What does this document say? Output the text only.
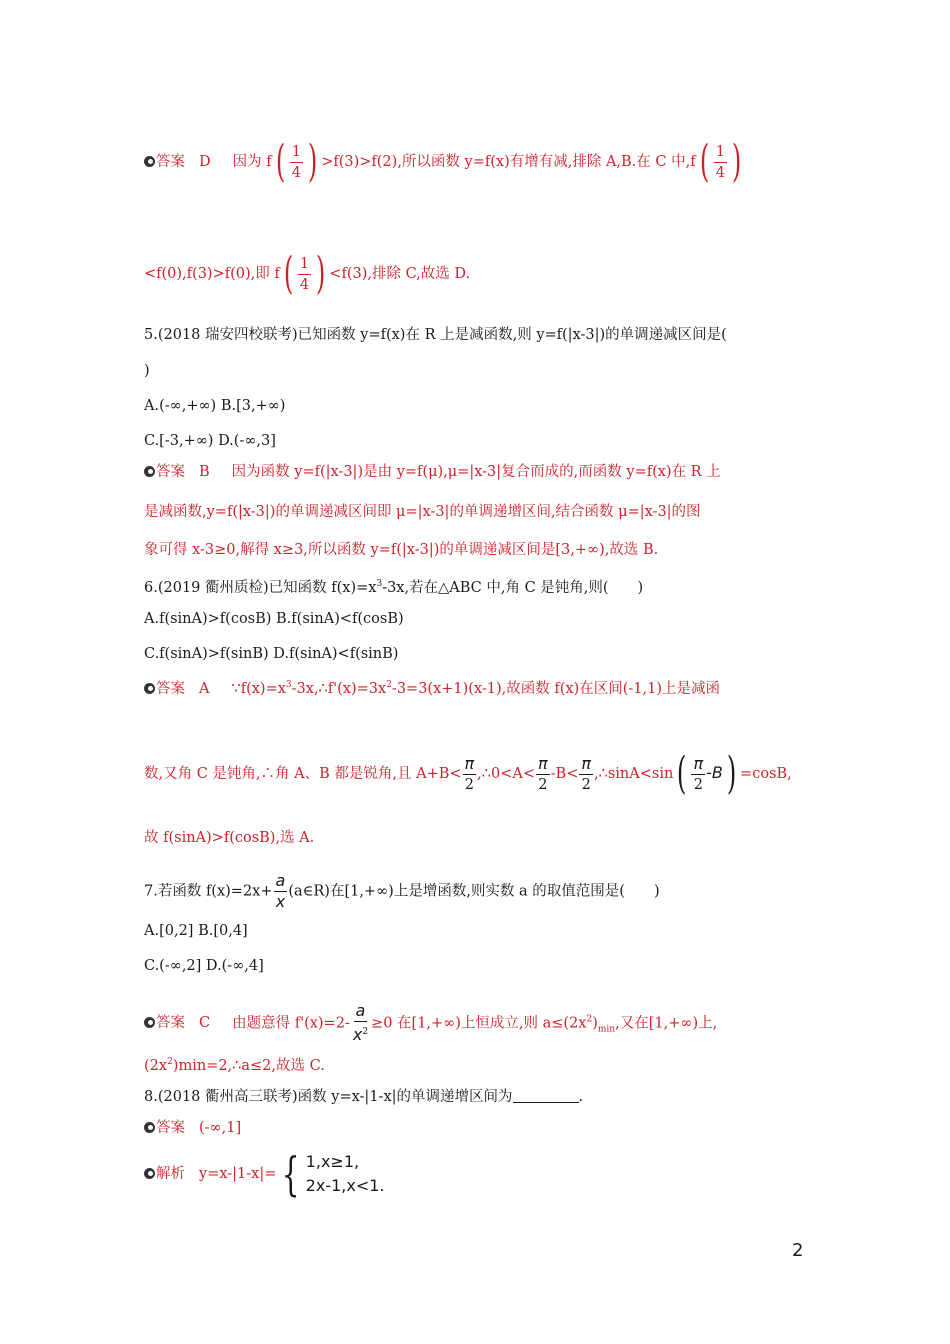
答案 D 因为 $f( \frac{1}{4}$ ) >f(3)>f(2),所以函数 y=f(x)有增有减,排除 A,B.在 C 中$,f( \frac{1}{4}$ )
<f(0),f(3)>f(0),即 $f( \frac{1}{4}$ ) <f(3),排除 C,故选 D.
5.(2018 瑞安四校联考)已知函数 y=f(x)在 R 上是减函数,则 y=f(|x-3|)的单调递减区间是(
)
A.(-∞,+∞) B.[3,+∞)
C.[-3,+∞) D.(-∞,3]
答案 B 因为函数 y=f(|x-3|)是由 y=f(μ),μ=|x-3|复合而成的,而函数 y=f(x)在 R 上
是减函数,y=f(|x-3|)的单调递减区间即 μ=|x-3|的单调递增区间,结合函数 μ=|x-3|的图
象可得 x-3≥0,解得 x≥3,所以函数 y=f(|x-3|)的单调递减区间是[3,+∞),故选 B.
6.(2019 衢州质检)已知函数 $f(x)=x^3-3x$,若在△ABC 中,角 C 是钝角,则(　　)
A.f(sinA)>f(cosB) B.f(sinA)<f(cosB)
C.f(sinA)>f(sinB) D.f(sinA)<f(sinB)
答案 A $\because f(x)=x^3-3x,\therefore f'(x)=3x^2-3=3(x+1)(x-1)$,故函数 f(x)在区间(-1,1)上是减函
数,又角 C 是钝角,∴角 A、B 都是锐角,且 $A+B< \frac{\pi}{2}$ ,∴0<A< $\frac{\pi}{2} -B< \frac{\pi}{2}$ ,∴sinA<sin( $\frac{\pi}{2} -B) =\cos B$,
故 f(sinA)>f(cosB),选 A.
7.若函数 $f(x)=2x+ \frac{a}{x}$ (a∈R)在[1,+∞)上是增函数,则实数 a 的取值范围是(　　)
A.[0,2] B.[0,4]
C.(-∞,2] D.(-∞,4]
答案 C 由题意得 $f'(x)=2- \frac{a}{x^2} \ge 0$ 在[1,+∞)上恒成立,则 $a\le(2x^2)_{min}$,又在[1,+∞)上,
$(2x^2)\min=2,\therefore a\le 2$,故选 C.
8.(2018 衢州高三联考)函数 y=x-|1-x|的单调递增区间为	.
答案 (-∞,1]
解析 y=x-|1-x|= { 1,x≥1,
2x-1,x<1.
2
